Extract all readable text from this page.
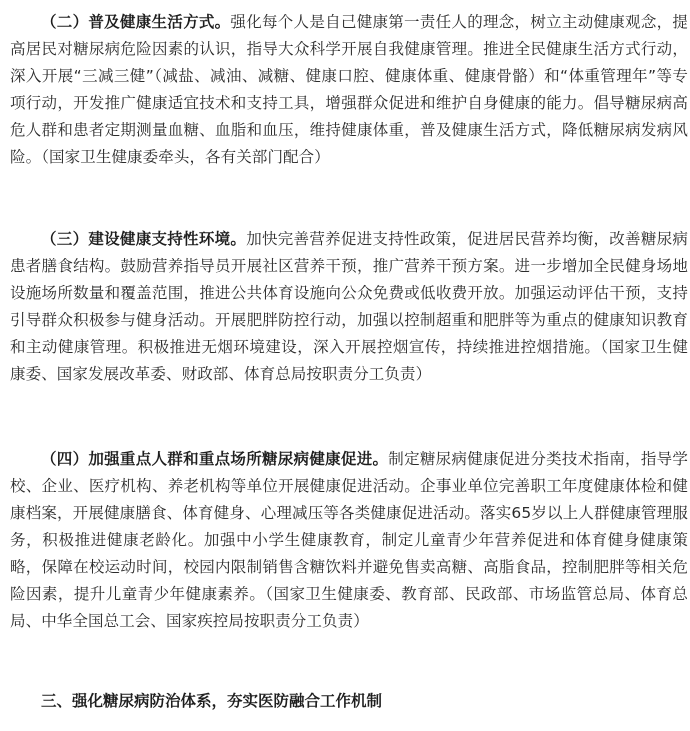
（二）普及健康生活方式。强化每个人是自己健康第一责任人的理念，树立主动健康观念，提高居民对糖尿病危险因素的认识，指导大众科学开展自我健康管理。推进全民健康生活方式行动，深入开展“三减三健”（减盐、减油、减糖、健康口腔、健康体重、健康骨骼）和“体重管理年”等专项行动，开发推广健康适宜技术和支持工具，增强群众促进和维护自身健康的能力。倡导糖尿病高危人群和患者定期测量血糖、血脂和血压，维持健康体重，普及健康生活方式，降低糖尿病发病风险。（国家卫生健康委牵头，各有关部门配合）

（三）建设健康支持性环境。加快完善营养促进支持性政策，促进居民营养均衡，改善糖尿病患者膳食结构。鼓励营养指导员开展社区营养干预，推广营养干预方案。进一步增加全民健身场地设施场所数量和覆盖范围，推进公共体育设施向公众免费或低收费开放。加强运动评估干预，支持引导群众积极参与健身活动。开展肥胖防控行动，加强以控制超重和肥胖等为重点的健康知识教育和主动健康管理。积极推进无烟环境建设，深入开展控烟宣传，持续推进控烟措施。（国家卫生健康委、国家发展改革委、财政部、体育总局按职责分工负责）

（四）加强重点人群和重点场所糖尿病健康促进。制定糖尿病健康促进分类技术指南，指导学校、企业、医疗机构、养老机构等单位开展健康促进活动。企事业单位完善职工年度健康体检和健康档案，开展健康膳食、体育健身、心理减压等各类健康促进活动。落实65岁以上人群健康管理服务，积极推进健康老龄化。加强中小学生健康教育，制定儿童青少年营养促进和体育健身健康策略，保障在校运动时间，校园内限制销售含糖饮料并避免售卖高糖、高脂食品，控制肥胖等相关危险因素，提升儿童青少年健康素养。（国家卫生健康委、教育部、民政部、市场监管总局、体育总局、中华全国总工会、国家疾控局按职责分工负责）

三、强化糖尿病防治体系，夯实医防融合工作机制
